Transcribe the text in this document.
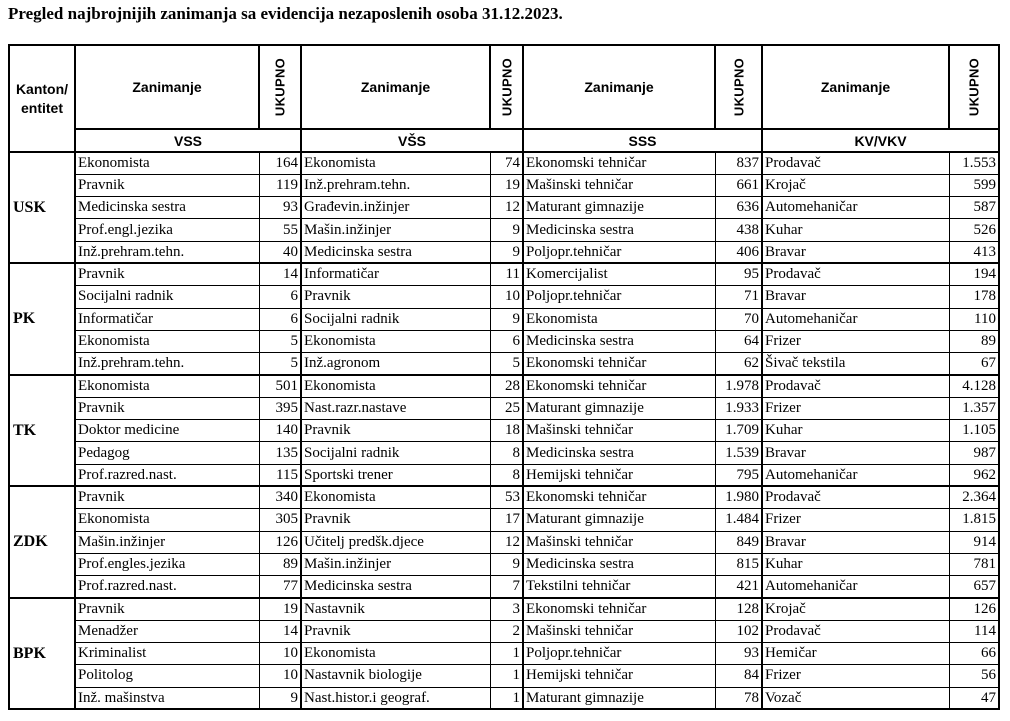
Pregled najbrojnijih zanimanja sa evidencija nezaposlenih osoba 31.12.2023.
Kanton/
entitet	Zanimanje	UKUPNO	Zanimanje	UKUPNO	Zanimanje	UKUPNO	Zanimanje	UKUPNO

	VSS		VŠS		SSS		KV/VKV	
USK	Ekonomista	164	Ekonomista	74	Ekonomski tehničar	837	Prodavač	1.553
	Pravnik	119	Inž.prehram.tehn.	19	Mašinski tehničar	661	Krojač	599
	Medicinska sestra	93	Građevin.inžinjer	12	Maturant gimnazije	636	Automehaničar	587
	Prof.engl.jezika	55	Mašin.inžinjer	9	Medicinska sestra	438	Kuhar	526
	Inž.prehram.tehn.	40	Medicinska sestra	9	Poljopr.tehničar	406	Bravar	413
PK	Pravnik	14	Informatičar	11	Komercijalist	95	Prodavač	194
	Socijalni radnik	6	Pravnik	10	Poljopr.tehničar	71	Bravar	178
	Informatičar	6	Socijalni radnik	9	Ekonomista	70	Automehaničar	110
	Ekonomista	5	Ekonomista	6	Medicinska sestra	64	Frizer	89
	Inž.prehram.tehn.	5	Inž.agronom	5	Ekonomski tehničar	62	Šivač tekstila	67
TK	Ekonomista	501	Ekonomista	28	Ekonomski tehničar	1.978	Prodavač	4.128
	Pravnik	395	Nast.razr.nastave	25	Maturant gimnazije	1.933	Frizer	1.357
	Doktor medicine	140	Pravnik	18	Mašinski tehničar	1.709	Kuhar	1.105
	Pedagog	135	Socijalni radnik	8	Medicinska sestra	1.539	Bravar	987
	Prof.razred.nast.	115	Sportski trener	8	Hemijski tehničar	795	Automehaničar	962
ZDK	Pravnik	340	Ekonomista	53	Ekonomski tehničar	1.980	Prodavač	2.364
	Ekonomista	305	Pravnik	17	Maturant gimnazije	1.484	Frizer	1.815
	Mašin.inžinjer	126	Učitelj predšk.djece	12	Mašinski tehničar	849	Bravar	914
	Prof.engles.jezika	89	Mašin.inžinjer	9	Medicinska sestra	815	Kuhar	781
	Prof.razred.nast.	77	Medicinska sestra	7	Tekstilni tehničar	421	Automehaničar	657
BPK	Pravnik	19	Nastavnik	3	Ekonomski tehničar	128	Krojač	126
	Menadžer	14	Pravnik	2	Mašinski tehničar	102	Prodavač	114
	Kriminalist	10	Ekonomista	1	Poljopr.tehničar	93	Hemičar	66
	Politolog	10	Nastavnik biologije	1	Hemijski tehničar	84	Frizer	56
	Inž. mašinstva	9	Nast.histor.i geograf.	1	Maturant gimnazije	78	Vozač	47
